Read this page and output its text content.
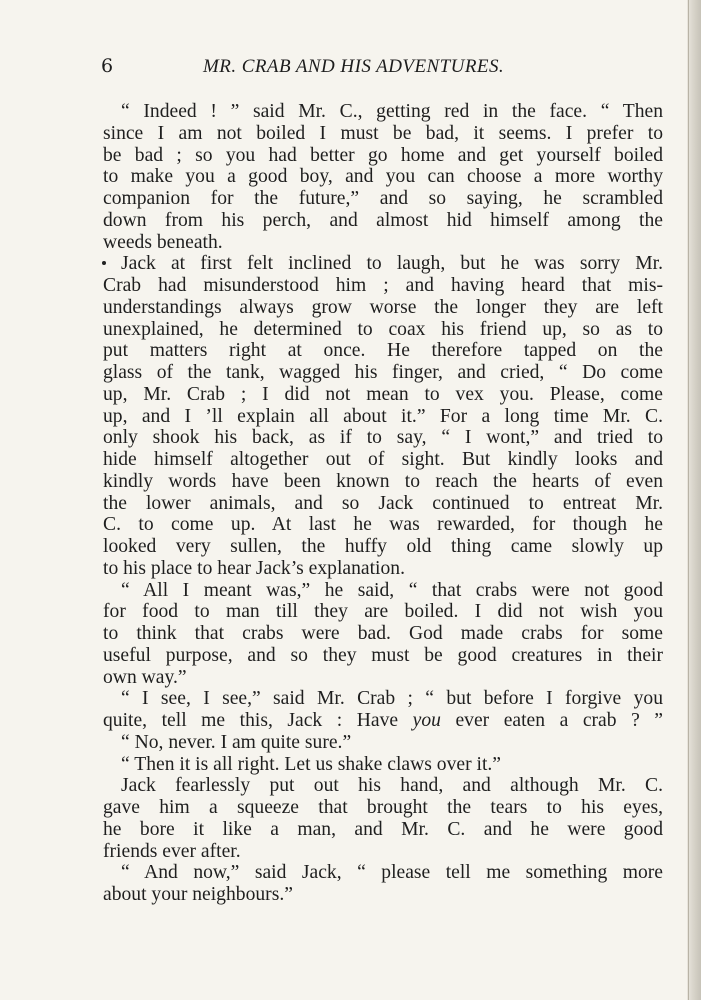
6	MR. CRAB AND HIS ADVENTURES.
“ Indeed ! ” said Mr. C., getting red in the face. “ Then
since I am not boiled I must be bad, it seems. I prefer to
be bad ; so you had better go home and get yourself boiled
to make you a good boy, and you can choose a more worthy
companion for the future,” and so saying, he scrambled
down from his perch, and almost hid himself among the
weeds beneath.
Jack at first felt inclined to laugh, but he was sorry Mr.
Crab had misunderstood him ; and having heard that mis-
understandings always grow worse the longer they are left
unexplained, he determined to coax his friend up, so as to
put matters right at once. He therefore tapped on the
glass of the tank, wagged his finger, and cried, “ Do come
up, Mr. Crab ; I did not mean to vex you. Please, come
up, and I ’ll explain all about it.” For a long time Mr. C.
only shook his back, as if to say, “ I wont,” and tried to
hide himself altogether out of sight. But kindly looks and
kindly words have been known to reach the hearts of even
the lower animals, and so Jack continued to entreat Mr.
C. to come up. At last he was rewarded, for though he
looked very sullen, the huffy old thing came slowly up
to his place to hear Jack’s explanation.
“ All I meant was,” he said, “ that crabs were not good
for food to man till they are boiled. I did not wish you
to think that crabs were bad. God made crabs for some
useful purpose, and so they must be good creatures in their
own way.”
“ I see, I see,” said Mr. Crab ; “ but before I forgive you
quite, tell me this, Jack : Have you ever eaten a crab ? ”
“ No, never. I am quite sure.”
“ Then it is all right. Let us shake claws over it.”
Jack fearlessly put out his hand, and although Mr. C.
gave him a squeeze that brought the tears to his eyes,
he bore it like a man, and Mr. C. and he were good
friends ever after.
“ And now,” said Jack, “ please tell me something more
about your neighbours.”
